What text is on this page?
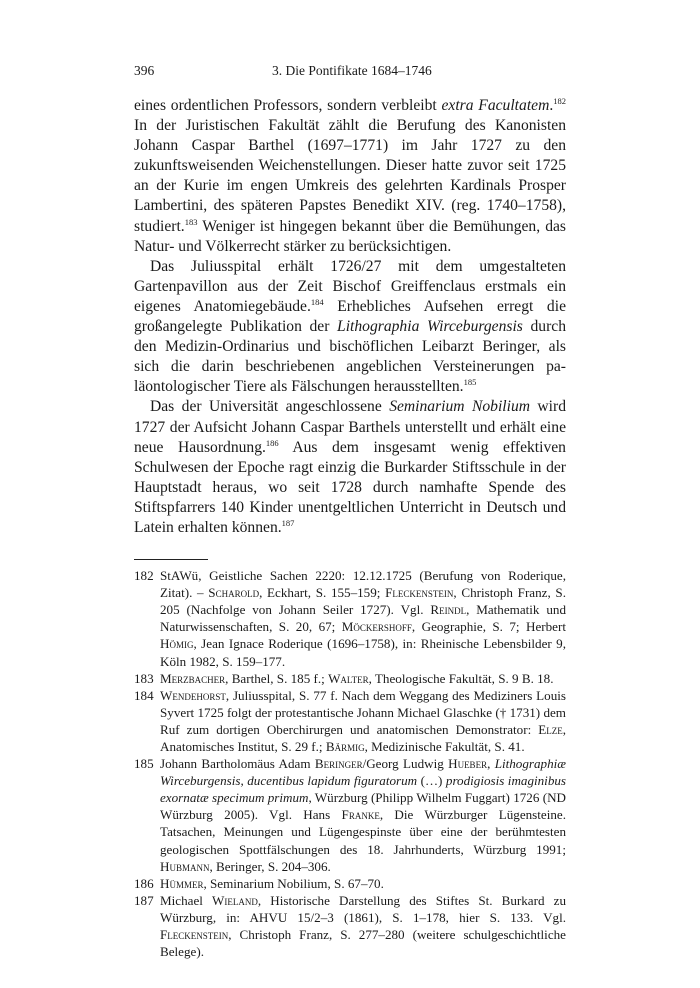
396	3. Die Pontifikate 1684–1746

eines ordentlichen Professors, sondern verbleibt extra Facultatem.$^{182}$ In der Juristischen Fakultät zählt die Berufung des Kanonisten Johann Caspar Barthel (1697–1771) im Jahr 1727 zu den zukunftsweisenden Weichenstellungen. Dieser hatte zuvor seit 1725 an der Kurie im engen Umkreis des gelehrten Kardinals Prosper Lambertini, des späteren Papstes Benedikt XIV. (reg. 1740–1758), studiert.$^{183}$ Weniger ist hingegen bekannt über die Bemühungen, das Natur- und Völkerrecht stärker zu berücksichtigen.

Das Juliusspital erhält 1726/27 mit dem umgestalteten Gartenpavillon aus der Zeit Bischof Greiffenclaus erstmals ein eigenes Anatomiegebäude.$^{184}$ Erhebliches Aufsehen erregt die großangelegte Publikation der Lithographia Wirceburgensis durch den Medizin-Ordinarius und bischöflichen Leibarzt Beringer, als sich die darin beschriebenen angeblichen Versteinerungen paläontologischer Tiere als Fälschungen herausstellten.$^{185}$

Das der Universität angeschlossene Seminarium Nobilium wird 1727 der Aufsicht Johann Caspar Barthels unterstellt und erhält eine neue Hausordnung.$^{186}$ Aus dem insgesamt wenig effektiven Schulwesen der Epoche ragt einzig die Burkarder Stiftsschule in der Hauptstadt heraus, wo seit 1728 durch namhafte Spende des Stiftspfarrers 140 Kinder unentgeltlichen Unterricht in Deutsch und Latein erhalten können.$^{187}$

182 StAWü, Geistliche Sachen 2220: 12.12.1725 (Berufung von Roderique, Zitat). – Scharold, Eckhart, S. 155–159; Fleckenstein, Christoph Franz, S. 205 (Nachfolge von Johann Seiler 1727). Vgl. Reindl, Mathematik und Naturwissenschaften, S. 20, 67; Möckershoff, Geographie, S. 7; Herbert Hömig, Jean Ignace Roderique (1696–1758), in: Rheinische Lebensbilder 9, Köln 1982, S. 159–177.
183 Merzbacher, Barthel, S. 185 f.; Walter, Theologische Fakultät, S. 9 B. 18.
184 Wendehorst, Juliusspital, S. 77 f. Nach dem Weggang des Mediziners Louis Syvert 1725 folgt der protestantische Johann Michael Glaschke († 1731) dem Ruf zum dortigen Oberchirurgen und anatomischen Demonstrator: Elze, Anatomisches Institut, S. 29 f.; Bärmig, Medizinische Fakultät, S. 41.
185 Johann Bartholomäus Adam Beringer/Georg Ludwig Hueber, Lithographiæ Wirceburgensis, ducentibus lapidum figuratorum (…) prodigiosis imaginibus exornatæ specimum primum, Würzburg (Philipp Wilhelm Fuggart) 1726 (ND Würzburg 2005). Vgl. Hans Franke, Die Würzburger Lügensteine. Tatsachen, Meinungen und Lügengespinste über eine der berühmtesten geologischen Spottfälschungen des 18. Jahrhunderts, Würzburg 1991; Hubmann, Beringer, S. 204–306.
186 Hümmer, Seminarium Nobilium, S. 67–70.
187 Michael Wieland, Historische Darstellung des Stiftes St. Burkard zu Würzburg, in: AHVU 15/2–3 (1861), S. 1–178, hier S. 133. Vgl. Fleckenstein, Christoph Franz, S. 277–280 (weitere schulgeschichtliche Belege).
